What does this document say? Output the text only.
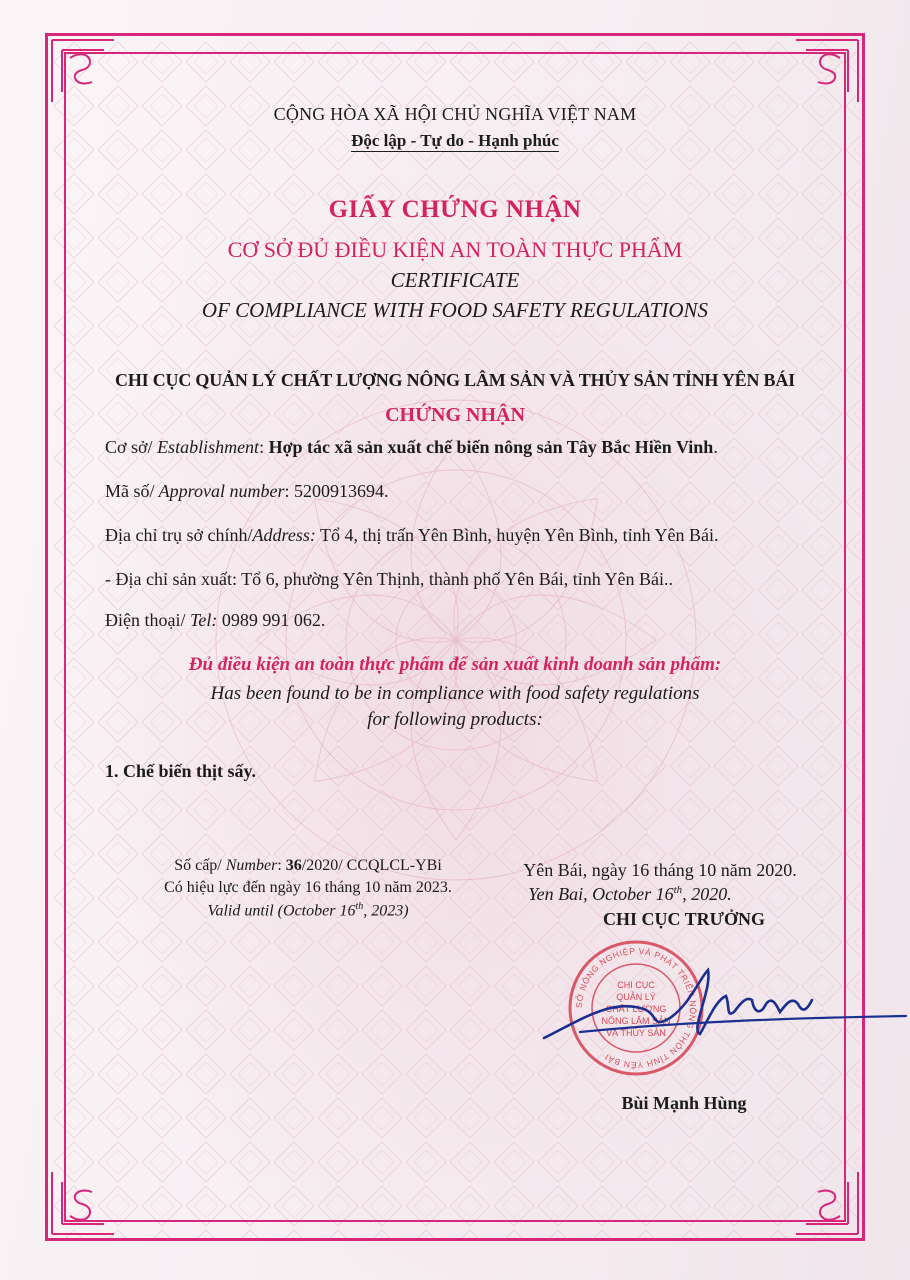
CỘNG HÒA XÃ HỘI CHỦ NGHĨA VIỆT NAM
Độc lập - Tự do - Hạnh phúc
GIẤY CHỨNG NHẬN
CƠ SỞ ĐỦ ĐIỀU KIỆN AN TOÀN THỰC PHẨM
CERTIFICATE
OF COMPLIANCE WITH FOOD SAFETY REGULATIONS
CHI CỤC QUẢN LÝ CHẤT LƯỢNG NÔNG LÂM SẢN VÀ THỦY SẢN TỈNH YÊN BÁI
CHỨNG NHẬN
Cơ sở/ Establishment: Hợp tác xã sản xuất chế biến nông sản Tây Bắc Hiền Vinh.
Mã số/ Approval number: 5200913694.
Địa chỉ trụ sở chính/Address: Tổ 4, thị trấn Yên Bình, huyện Yên Bình, tỉnh Yên Bái.
- Địa chỉ sản xuất: Tổ 6, phường Yên Thịnh, thành phố Yên Bái, tỉnh Yên Bái..
Điện thoại/ Tel: 0989 991 062.
Đủ điều kiện an toàn thực phẩm để sản xuất kinh doanh sản phẩm:
Has been found to be in compliance with food safety regulations
for following products:
1. Chế biến thịt sấy.
Số cấp/ Number: 36/2020/ CCQLCL-YBi
Có hiệu lực đến ngày 16 tháng 10 năm 2023.
Valid until (October 16th, 2023)
Yên Bái, ngày 16 tháng 10 năm 2020.
Yen Bai, October 16th, 2020.
CHI CỤC TRƯỞNG
SỞ NÔNG NGHIỆP VÀ PHÁT TRIỂN NÔNG THÔN TỈNH YÊN BÁI
CHI CỤC
QUẢN LÝ
CHẤT LƯỢNG
NÔNG LÂM SẢN
VÀ THỦY SẢN
Bùi Mạnh Hùng
